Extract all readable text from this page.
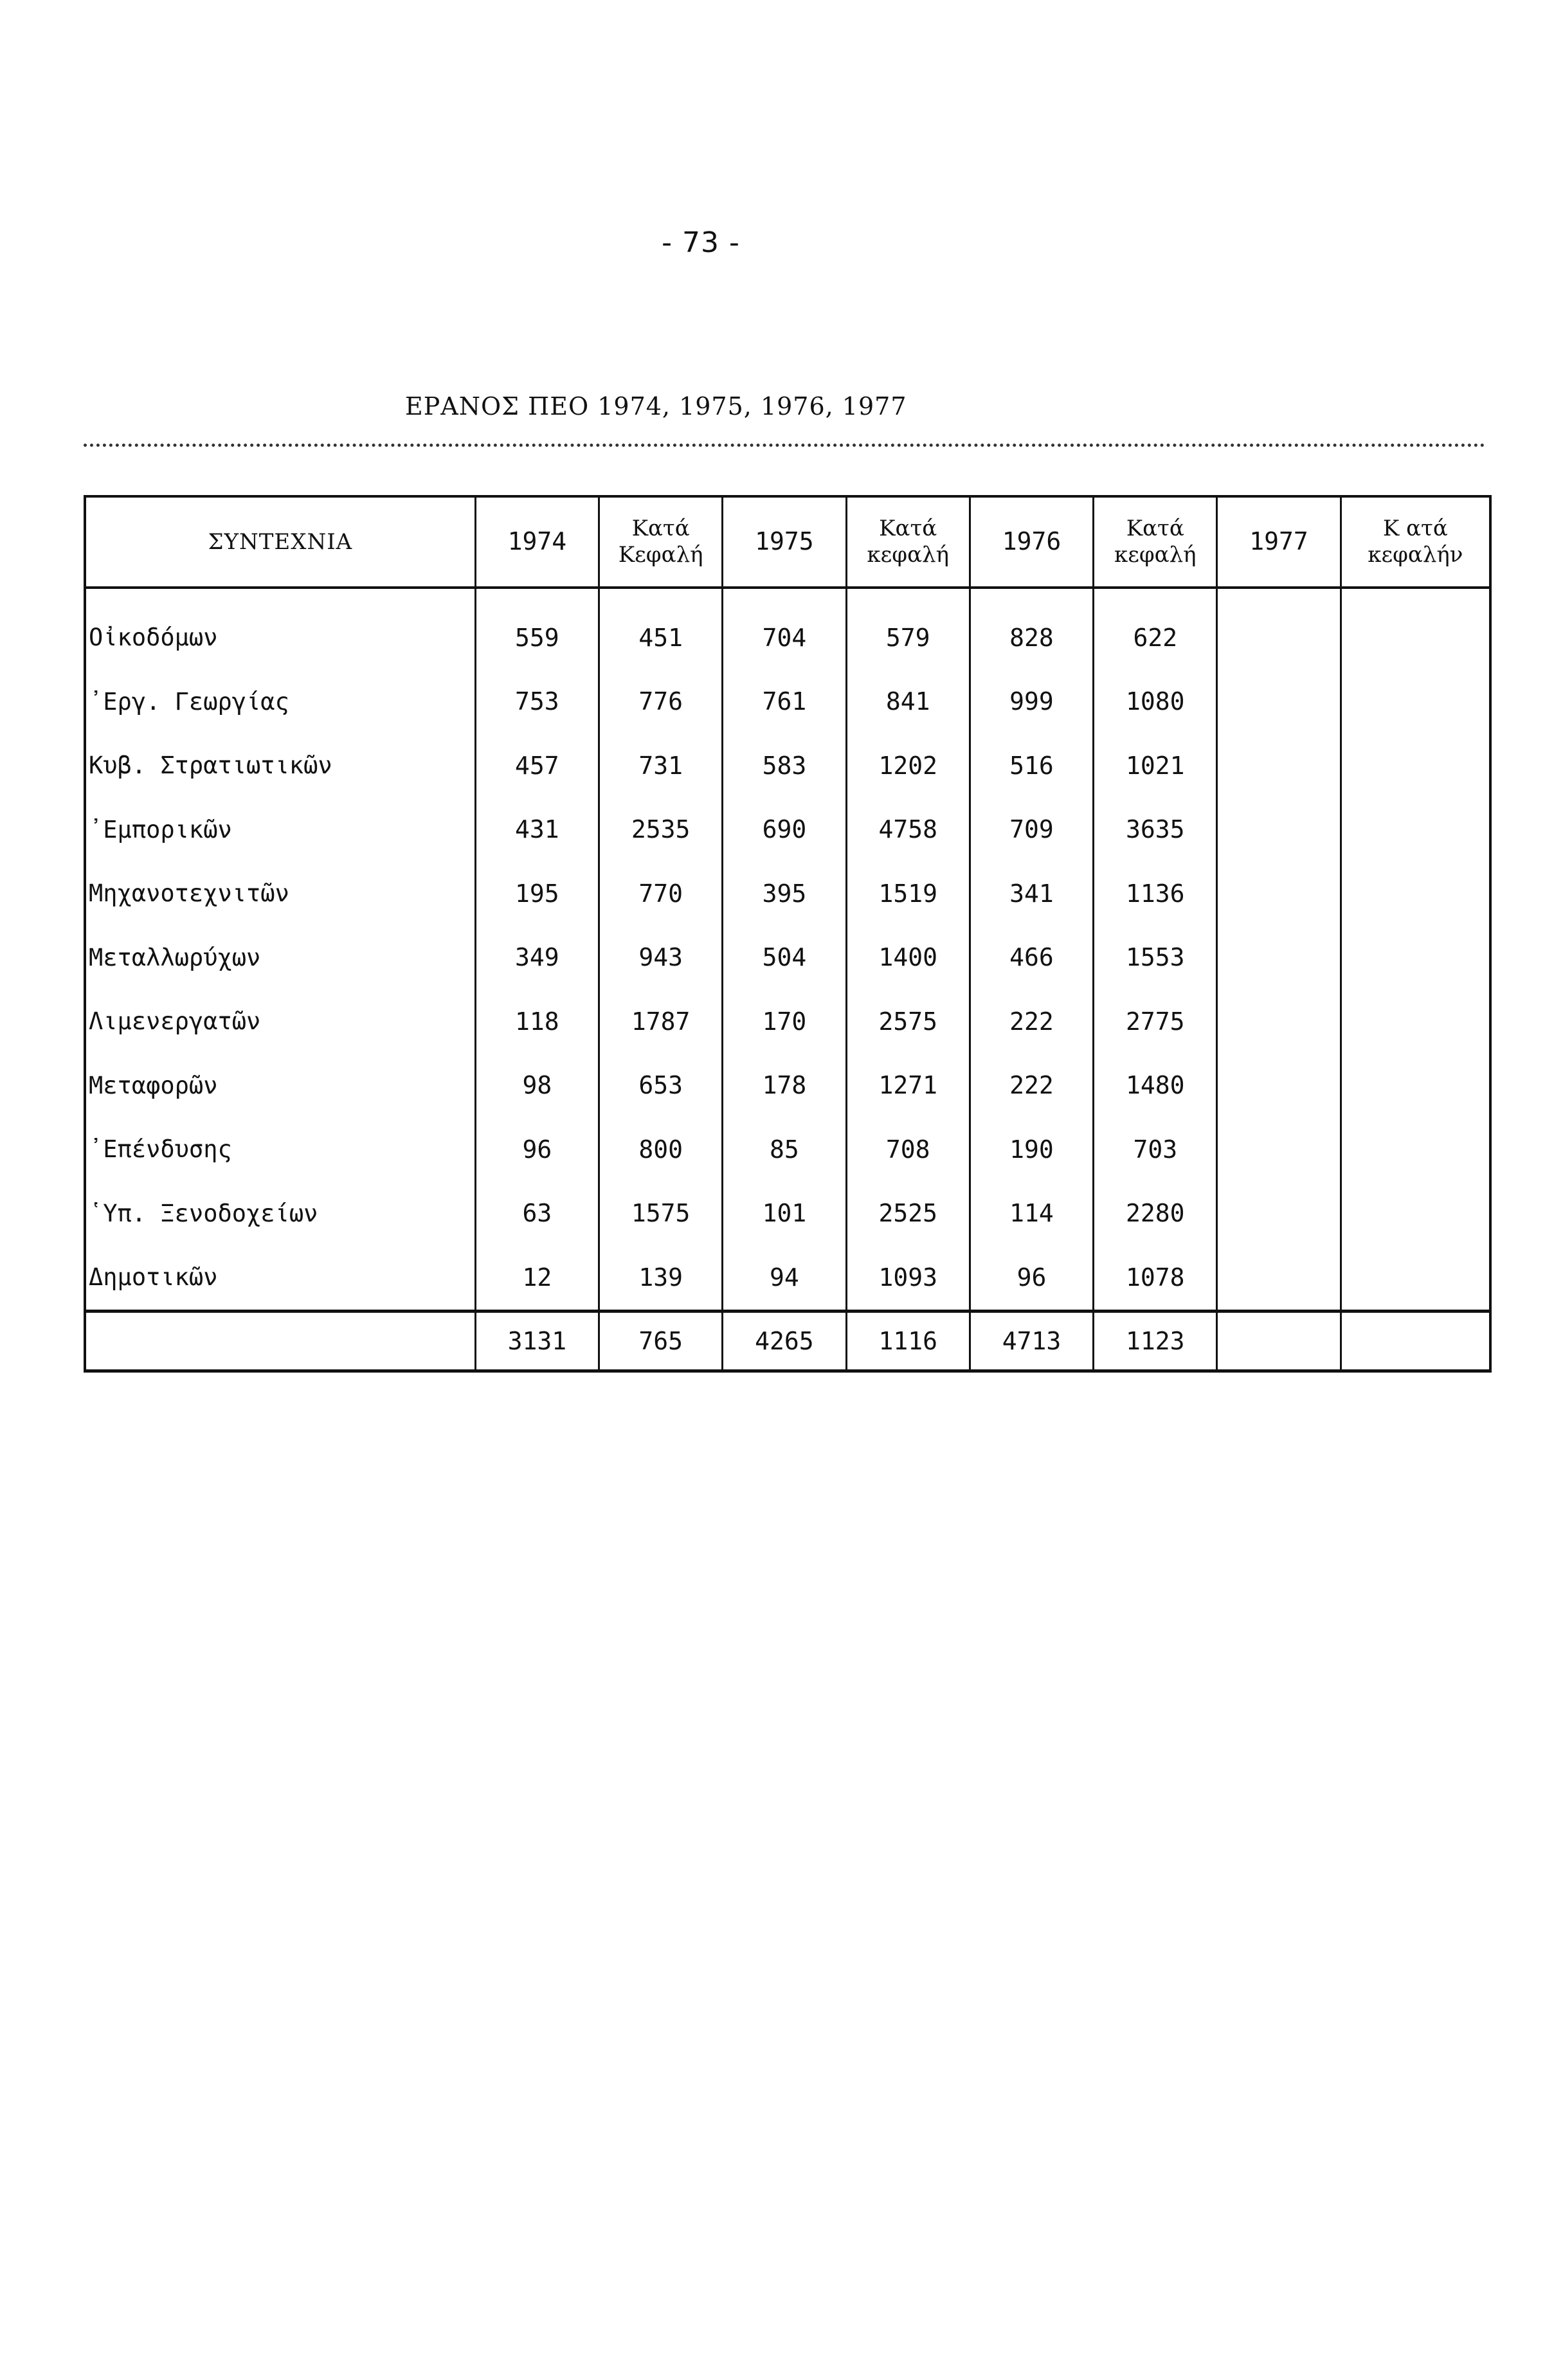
- 73 -
ΕΡΑΝΟΣ ΠΕΟ 1974, 1975, 1976, 1977
ΣΥΝΤΕΧΝΙΑ	1974	Κατά Κεφαλή	1975	Κατά κεφαλή	1976	Κατά κεφαλή	1977	Κ ατά κεφαλήν

Οἰκοδόμων	559	451	704	579	828	622		
᾿Εργ. Γεωργίας	753	776	761	841	999	1080		
Κυβ. Στρατιωτικῶν	457	731	583	1202	516	1021		
᾿Εμπορικῶν	431	2535	690	4758	709	3635		
Μηχανοτεχνιτῶν	195	770	395	1519	341	1136		
Μεταλλωρύχων	349	943	504	1400	466	1553		
Λιμενεργατῶν	118	1787	170	2575	222	2775		
Μεταφορῶν	98	653	178	1271	222	1480		
᾿Επένδυσης	96	800	85	708	190	703		
῾Υπ. Ξενοδοχείων	63	1575	101	2525	114	2280		
Δημοτικῶν	12	139	94	1093	96	1078		
	3131	765	4265	1116	4713	1123		
